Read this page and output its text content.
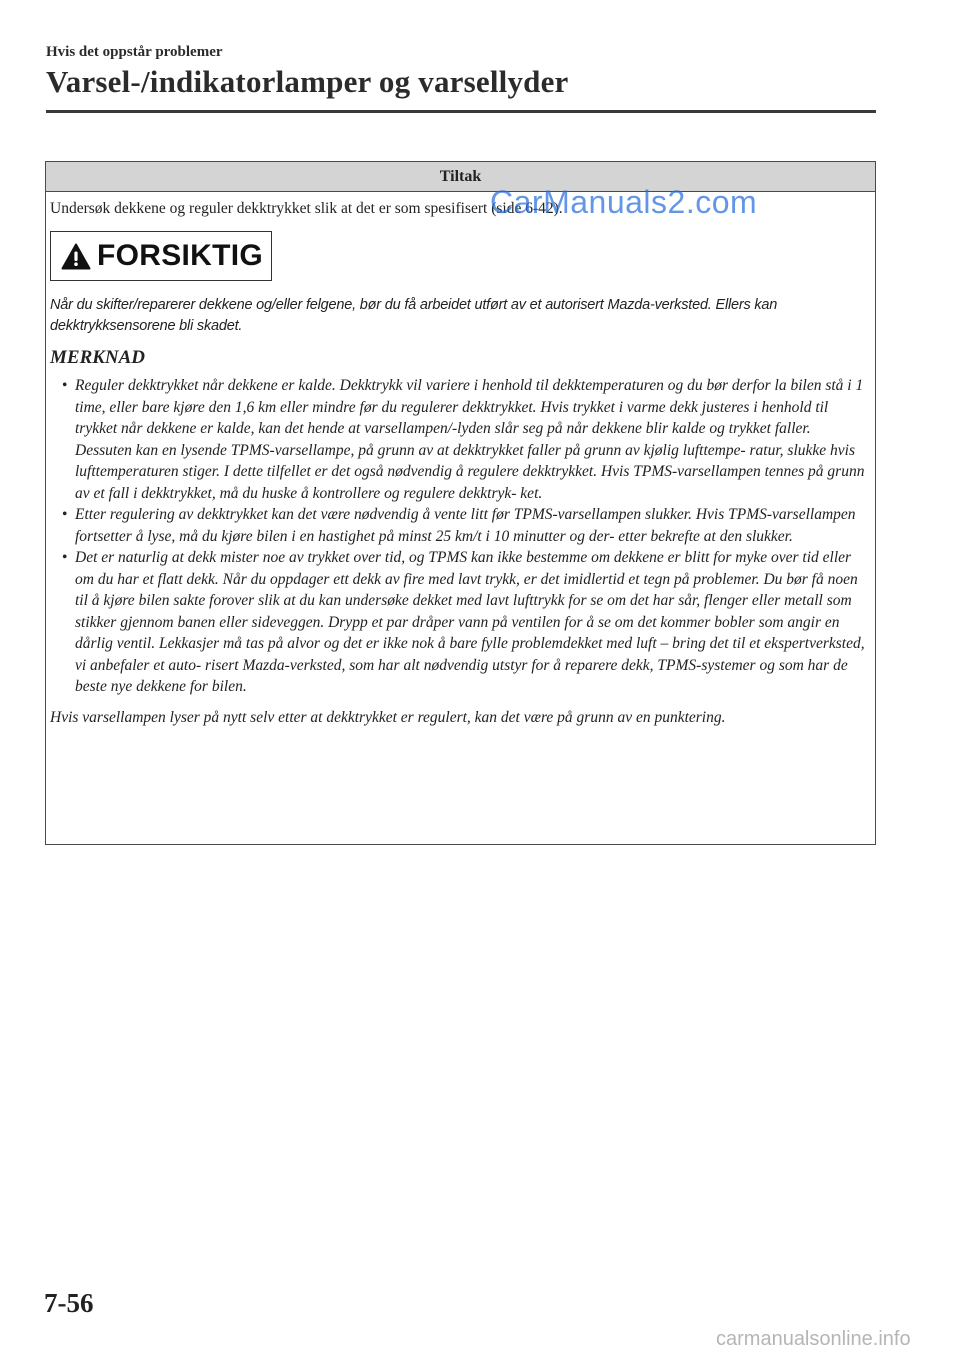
Hvis det oppstår problemer
Varsel-/indikatorlamper og varsellyder
Tiltak

Undersøk dekkene og reguler dekktrykket slik at det er som spesifisert (side 6-42).

FORSIKTIG

Når du skifter/reparerer dekkene og/eller felgene, bør du få arbeidet utført av et autorisert Mazda-verksted. Ellers kan dekktrykksensorene bli skadet.

MERKNAD
• Reguler dekktrykket når dekkene er kalde. Dekktrykk vil variere i henhold til dekktemperaturen og du bør derfor la bilen stå i 1 time, eller bare kjøre den 1,6 km eller mindre før du regulerer dekktrykket. Hvis trykket i varme dekk justeres i henhold til trykket når dekkene er kalde, kan det hende at varsellampen/-lyden slår seg på når dekkene blir kalde og trykket faller.
Dessuten kan en lysende TPMS-varsellampe, på grunn av at dekktrykket faller på grunn av kjølig lufttempe- ratur, slukke hvis lufttemperaturen stiger. I dette tilfellet er det også nødvendig å regulere dekktrykket. Hvis TPMS-varsellampen tennes på grunn av et fall i dekktrykket, må du huske å kontrollere og regulere dekktryk- ket.
• Etter regulering av dekktrykket kan det være nødvendig å vente litt før TPMS-varsellampen slukker. Hvis TPMS-varsellampen fortsetter å lyse, må du kjøre bilen i en hastighet på minst 25 km/t i 10 minutter og der- etter bekrefte at den slukker.
• Det er naturlig at dekk mister noe av trykket over tid, og TPMS kan ikke bestemme om dekkene er blitt for myke over tid eller om du har et flatt dekk. Når du oppdager ett dekk av fire med lavt trykk, er det imidlertid et tegn på problemer. Du bør få noen til å kjøre bilen sakte forover slik at du kan undersøke dekket med lavt lufttrykk for se om det har sår, flenger eller metall som stikker gjennom banen eller sideveggen. Drypp et par dråper vann på ventilen for å se om det kommer bobler som angir en dårlig ventil. Lekkasjer må tas på alvor og det er ikke nok å bare fylle problemdekket med luft – bring det til et ekspertverksted, vi anbefaler et auto- risert Mazda-verksted, som har alt nødvendig utstyr for å reparere dekk, TPMS-systemer og som har de beste nye dekkene for bilen.

Hvis varsellampen lyser på nytt selv etter at dekktrykket er regulert, kan det være på grunn av en punktering.

CarManuals2.com
7-56
carmanualsonline.info
